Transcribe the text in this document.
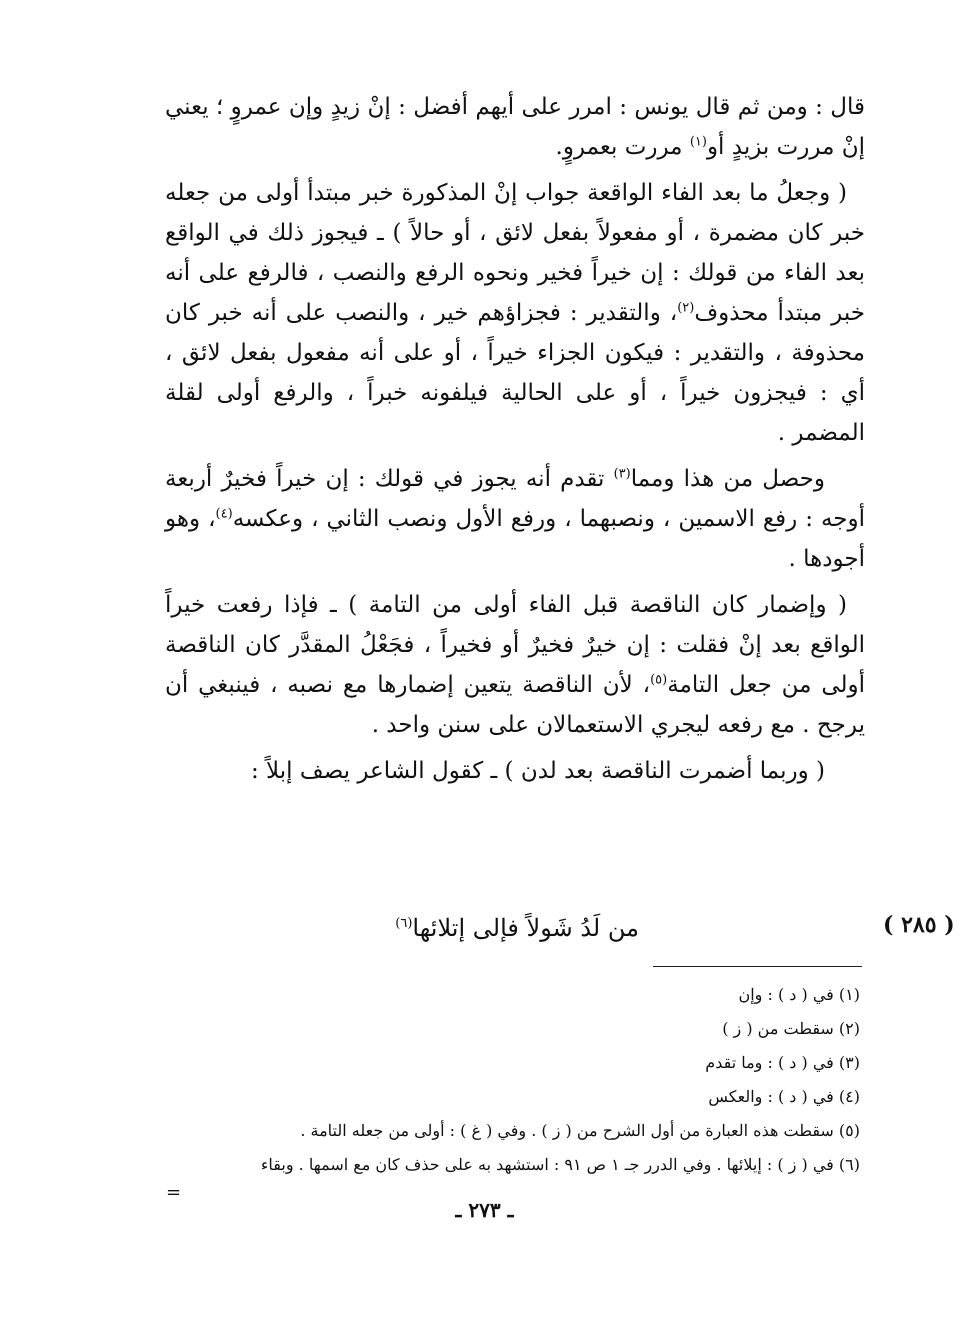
قال : ومن ثم قال يونس : امرر على أيهم أفضل : إنْ زيدٍ وإن عمروٍ ؛ يعني إنْ مررت بزيدٍ أو$^{(١)}$ مررت بعمروٍ.

( وجعلُ ما بعد الفاء الواقعة جواب إنْ المذكورة خبر مبتدأ أولى من جعله خبر كان مضمرة ، أو مفعولاً بفعل لائق ، أو حالاً ) ـ فيجوز ذلك في الواقع بعد الفاء من قولك : إن خيراً فخير ونحوه الرفع والنصب ، فالرفع على أنه خبر مبتدأ محذوف$^{(٢)}$، والتقدير : فجزاؤهم خير ، والنصب على أنه خبر كان محذوفة ، والتقدير : فيكون الجزاء خيراً ، أو على أنه مفعول بفعل لائق ، أي : فيجزون خيراً ، أو على الحالية فيلفونه خبراً ، والرفع أولى لقلة المضمر .

وحصل من هذا ومما$^{(٣)}$ تقدم أنه يجوز في قولك : إن خيراً فخيرٌ أربعة أوجه : رفع الاسمين ، ونصبهما ، ورفع الأول ونصب الثاني ، وعكسه$^{(٤)}$، وهو أجودها .

( وإضمار كان الناقصة قبل الفاء أولى من التامة ) ـ فإذا رفعت خيراً الواقع بعد إنْ فقلت : إن خيرٌ فخيرٌ أو فخيراً ، فجَعْلُ المقدَّر كان الناقصة أولى من جعل التامة$^{(٥)}$، لأن الناقصة يتعين إضمارها مع نصبه ، فينبغي أن يرجح . مع رفعه ليجري الاستعمالان على سنن واحد .

( وربما أضمرت الناقصة بعد لدن ) ـ كقول الشاعر يصف إبلاً :

من لَدُ شَولاً فإلى إتلائها$^{(٦)}$	( ٢٨٥ )
(١) في ( د ) : وإن
(٢) سقطت من ( ز )
(٣) في ( د ) : وما تقدم
(٤) في ( د ) : والعكس
(٥) سقطت هذه العبارة من أول الشرح من ( ز ) . وفي ( غ ) : أولى من جعله التامة .
(٦) في ( ز ) : إيلائها . وفي الدرر جـ ١ ص ٩١ : استشهد به على حذف كان مع اسمها . وبقاء
=
ـ ٢٧٣ ـ
